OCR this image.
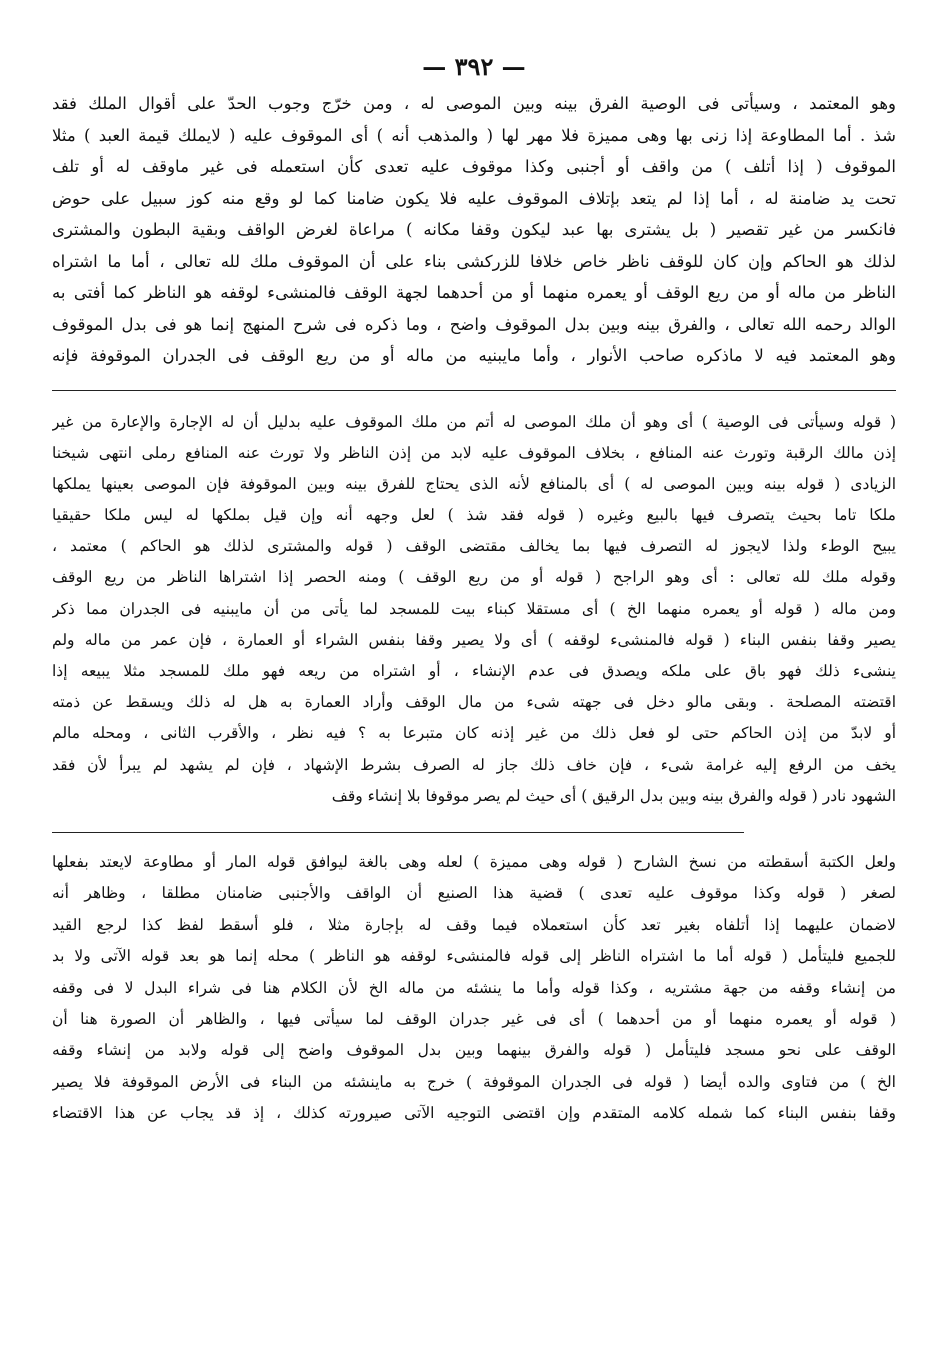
— ٣٩٢ —

وهو المعتمد ، وسيأتى فى الوصية الفرق بينه وبين الموصى له ، ومن خرّج وجوب الحدّ على أقوال الملك فقد

شذ . أما المطاوعة إذا زنى بها وهى مميزة فلا مهر لها ( والمذهب أنه ) أى الموقوف عليه ( لايملك قيمة العبد ) مثلا

الموقوف ( إذا أتلف ) من واقف أو أجنبى وكذا موقوف عليه تعدى كأن استعمله فى غير ماوقف له أو تلف

تحت يد ضامنة له ، أما إذا لم يتعد بإتلاف الموقوف عليه فلا يكون ضامنا كما لو وقع منه كوز سبيل على حوض

فانكسر من غير تقصير ( بل يشترى بها عبد ليكون وقفا مكانه ) مراعاة لغرض الواقف وبقية البطون والمشترى

لذلك هو الحاكم وإن كان للوقف ناظر خاص خلافا للزركشى بناء على أن الموقوف ملك لله تعالى ، أما ما اشتراه

الناظر من ماله أو من ريع الوقف أو يعمره منهما أو من أحدهما لجهة الوقف فالمنشىء لوقفه هو الناظر كما أفتى به

الوالد رحمه الله تعالى ، والفرق بينه وبين بدل الموقوف واضح ، وما ذكره فى شرح المنهج إنما هو فى بدل الموقوف

وهو المعتمد فيه لا ماذكره صاحب الأنوار ، وأما مايبنيه من ماله أو من ريع الوقف فى الجدران الموقوفة فإنه

( قوله وسيأتى فى الوصية ) أى وهو أن ملك الموصى له أتم من ملك الموقوف عليه بدليل أن له الإجارة والإعارة من غير

إذن مالك الرقبة وتورث عنه المنافع ، بخلاف الموقوف عليه لابد من إذن الناظر ولا تورث عنه المنافع رملى انتهى شيخنا

الزيادى ( قوله بينه وبين الموصى له ) أى بالمنافع لأنه الذى يحتاج للفرق بينه وبين الموقوفة فإن الموصى بعينها يملكها

ملكا تاما بحيث يتصرف فيها بالبيع وغيره ( قوله فقد شذ ) لعل وجهه أنه وإن قيل بملكها له ليس ملكا حقيقيا

يبيح الوطء ولذا لايجوز له التصرف فيها بما يخالف مقتضى الوقف ( قوله والمشترى لذلك هو الحاكم ) معتمد ،

وقوله ملك لله تعالى : أى وهو الراجح ( قوله أو من ريع الوقف ) ومنه الحصر إذا اشتراها الناظر من ريع الوقف

ومن ماله ( قوله أو يعمره منهما الخ ) أى مستقلا كبناء بيت للمسجد لما يأتى من أن مايبنيه فى الجدران مما ذكر

يصير وقفا بنفس البناء ( قوله فالمنشىء لوقفه ) أى ولا يصير وقفا بنفس الشراء أو العمارة ، فإن عمر من ماله ولم

ينشىء ذلك فهو باق على ملكه ويصدق فى عدم الإنشاء ، أو اشتراه من ريعه فهو ملك للمسجد مثلا يبيعه إذا

اقتضته المصلحة . وبقى مالو دخل فى جهته شىء من مال الوقف وأراد العمارة به هل له ذلك ويسقط عن ذمته

أو لابدّ من إذن الحاكم حتى لو فعل ذلك من غير إذنه كان متبرعا به ؟ فيه نظر ، والأقرب الثانى ، ومحله مالم

يخف من الرفع إليه غرامة شىء ، فإن خاف ذلك جاز له الصرف بشرط الإشهاد ، فإن لم يشهد لم يبرأ لأن فقد

الشهود نادر ( قوله والفرق بينه وبين بدل الرقيق ) أى حيث لم يصر موقوفا بلا إنشاء وقف

ولعل الكتبة أسقطته من نسخ الشارح ( قوله وهى مميزة ) لعله وهى بالغة ليوافق قوله المار أو مطاوعة لايعتد بفعلها

لصغر ( قوله وكذا موقوف عليه تعدى ) قضية هذا الصنيع أن الواقف والأجنبى ضامنان مطلقا ، وظاهر أنه

لاضمان عليهما إذا أتلفاه بغير تعد كأن استعملاه فيما وقف له بإجارة مثلا ، فلو أسقط لفظ كذا لرجع القيد

للجميع فليتأمل ( قوله أما ما اشتراه الناظر إلى قوله فالمنشىء لوقفه هو الناظر ) محله إنما هو بعد قوله الآتى ولا بد

من إنشاء وقفه من جهة مشتريه ، وكذا قوله وأما ما ينشئه من ماله الخ لأن الكلام هنا فى شراء البدل لا فى وقفه

( قوله أو يعمره منهما أو من أحدهما ) أى فى غير جدران الوقف لما سيأتى فيها ، والظاهر أن الصورة هنا أن

الوقف على نحو مسجد فليتأمل ( قوله والفرق بينهما وبين بدل الموقوف واضح إلى قوله ولابد من إنشاء وقفه

الخ ) من فتاوى والده أيضا ( قوله فى الجدران الموقوفة ) خرج به ماينشئه من البناء فى الأرض الموقوفة فلا يصير

وقفا بنفس البناء كما شمله كلامه المتقدم وإن اقتضى التوجيه الآتى صيرورته كذلك ، إذ قد يجاب عن هذا الاقتضاء
